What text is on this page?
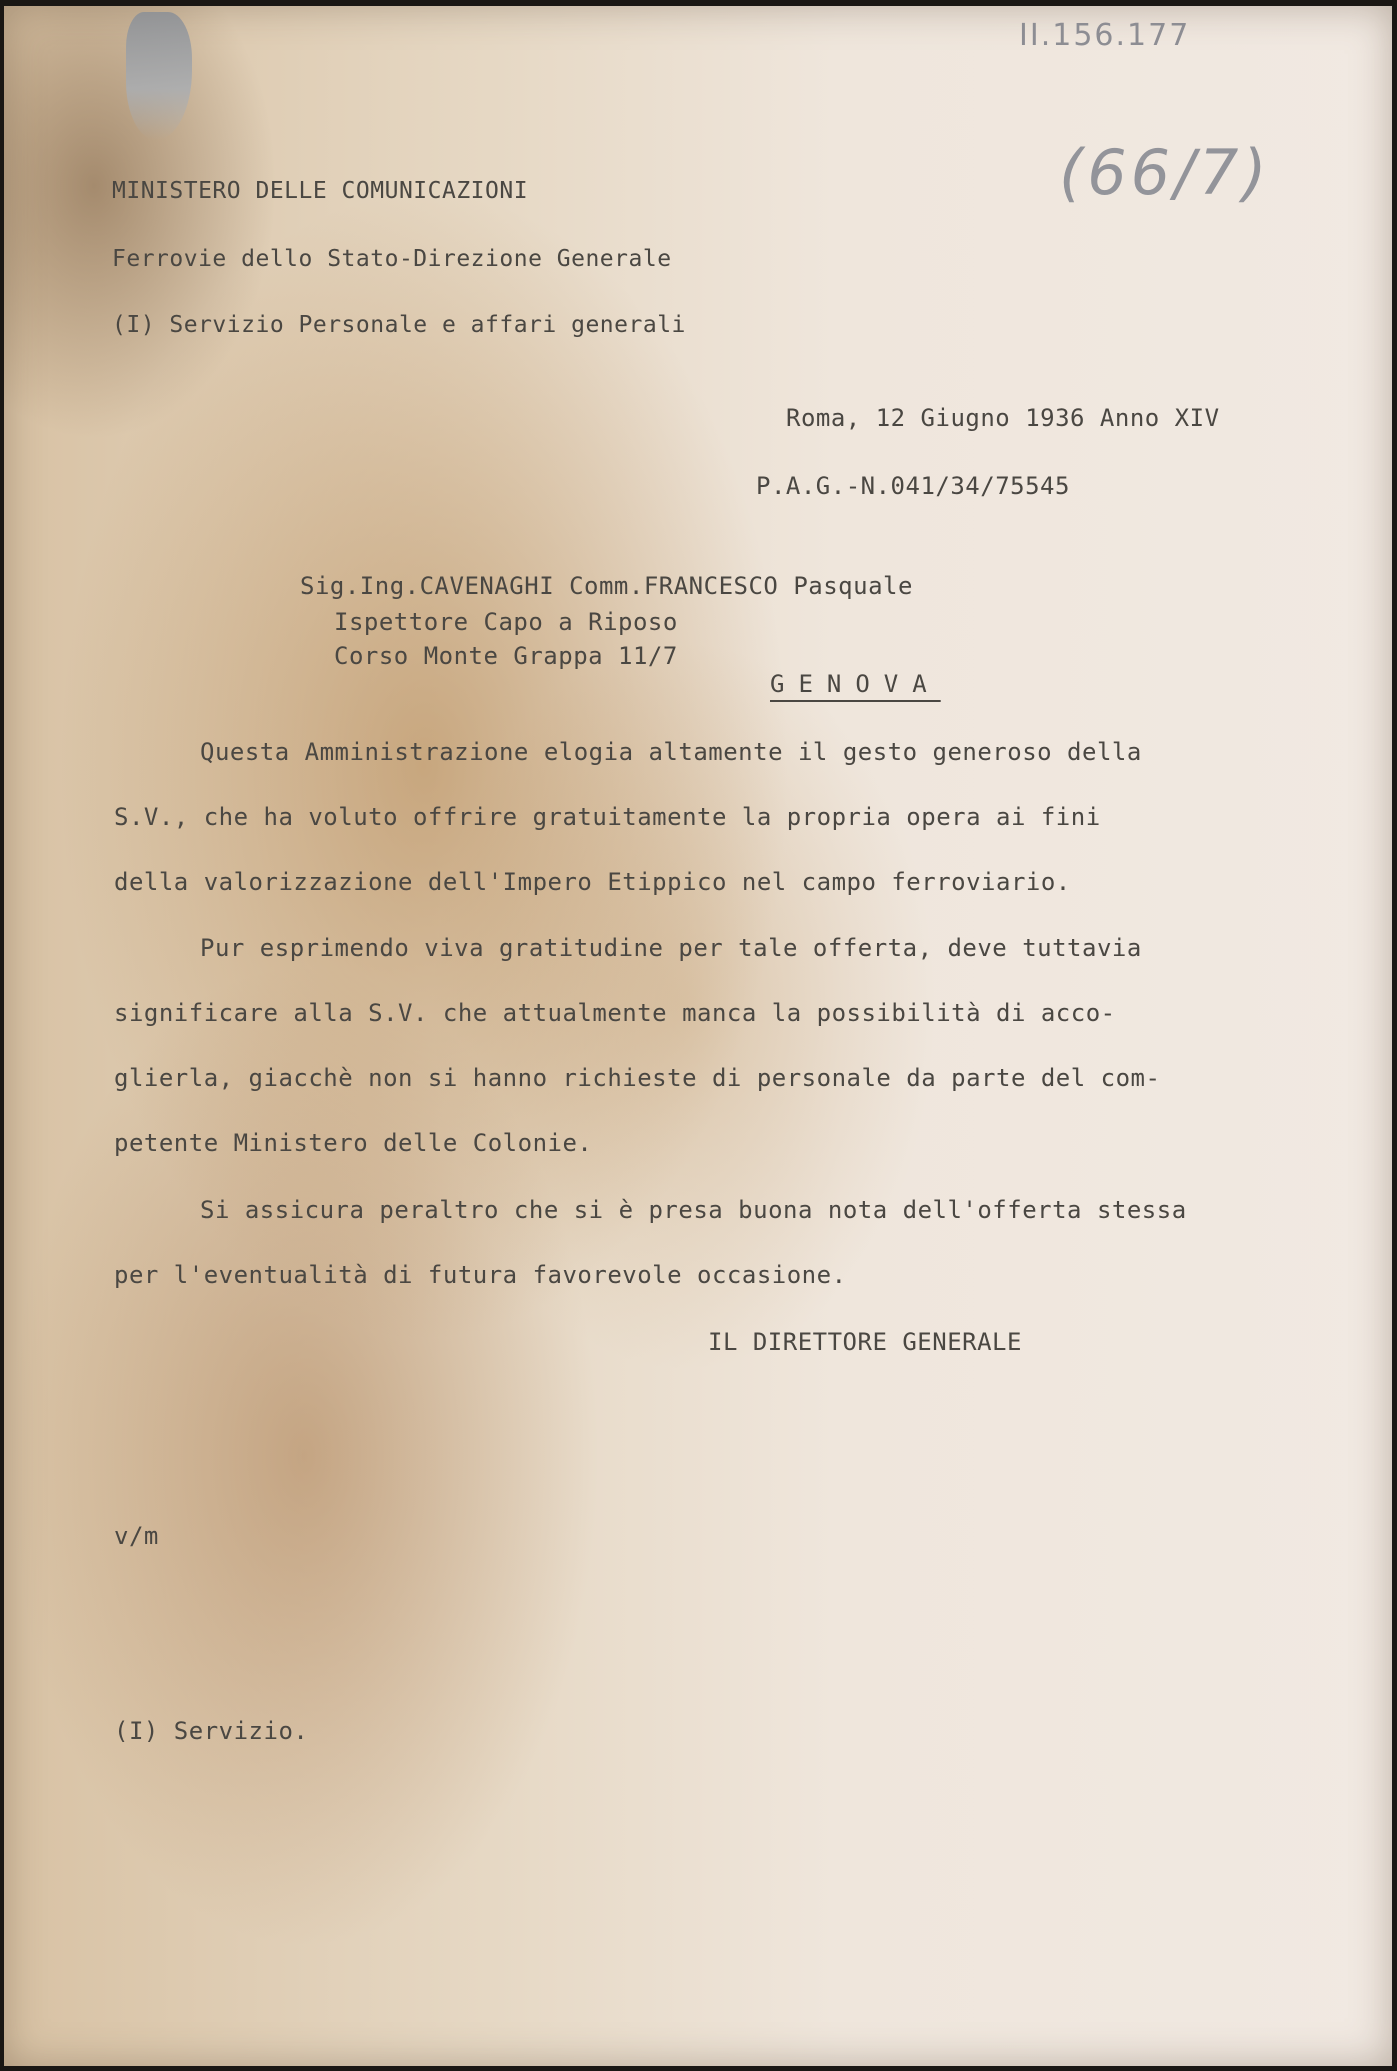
II.156.177
(66/7)
MINISTERO DELLE COMUNICAZIONI
Ferrovie dello Stato-Direzione Generale
(I) Servizio Personale e affari generali
Roma, 12 Giugno 1936 Anno XIV
P.A.G.-N.041/34/75545
Sig.Ing.CAVENAGHI Comm.FRANCESCO Pasquale
Ispettore Capo a Riposo
Corso Monte Grappa 11/7
GENOVA
Questa Amministrazione elogia altamente il gesto generoso della
S.V., che ha voluto offrire gratuitamente la propria opera ai fini
della valorizzazione dell'Impero Etippico nel campo ferroviario.
Pur esprimendo viva gratitudine per tale offerta, deve tuttavia
significare alla S.V. che attualmente manca la possibilità di acco-
glierla, giacchè non si hanno richieste di personale da parte del com-
petente Ministero delle Colonie.
Si assicura peraltro che si è presa buona nota dell'offerta stessa
per l'eventualità di futura favorevole occasione.
IL DIRETTORE GENERALE
v/m
(I) Servizio.
